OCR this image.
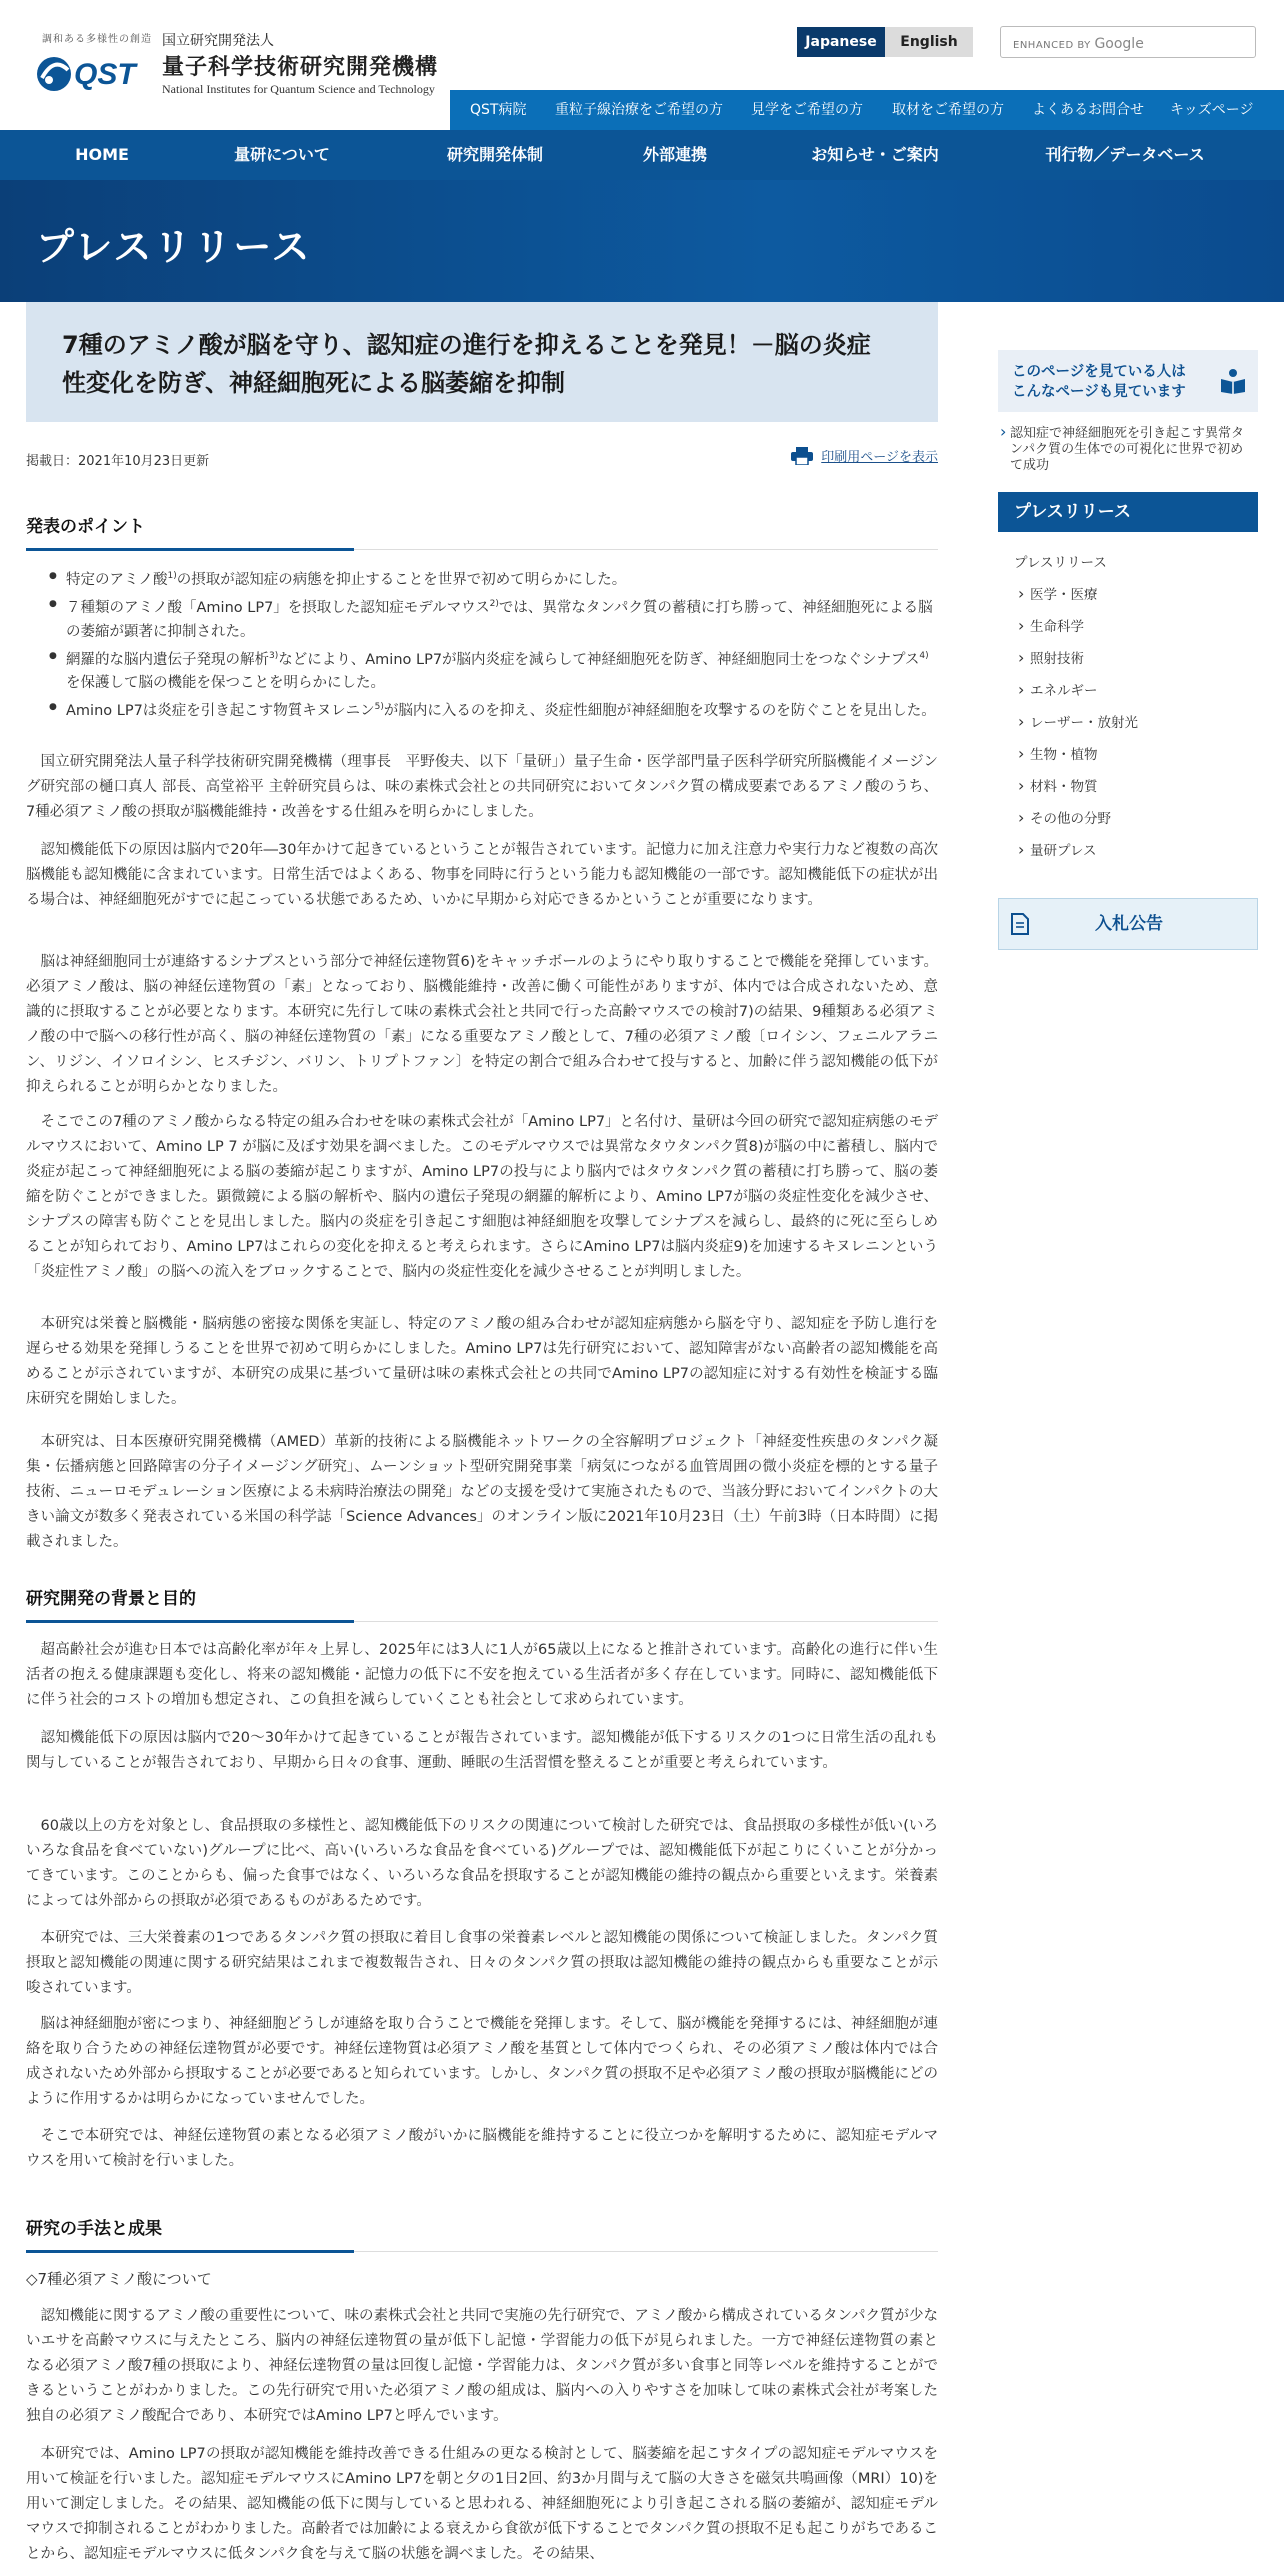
調和ある多様性の創造
QST
国立研究開発法人
量子科学技術研究開発機構
National Institutes for Quantum Science and Technology
Japanese	English	ENHANCED BY Google
QST病院 重粒子線治療をご希望の方 見学をご希望の方 取材をご希望の方 よくあるお問合せ キッズページ
HOME	量研について	研究開発体制	外部連携	お知らせ・ご案内	刊行物／データベース
プレスリリース
7種のアミノ酸が脳を守り、認知症の進行を抑えることを発見！－脳の炎症
性変化を防ぎ、神経細胞死による脳萎縮を抑制
掲載日：2021年10月23日更新	印刷用ページを表示
発表のポイント
● 特定のアミノ酸$^{1)}$の摂取が認知症の病態を抑止することを世界で初めて明らかにした。
● ７種類のアミノ酸「Amino LP7」を摂取した認知症モデルマウス$^{2)}$では、異常なタンパク質の蓄積に打ち勝って、神経細胞死による脳の萎縮が顕著に抑制された。
● 網羅的な脳内遺伝子発現の解析$^{3)}$などにより、Amino LP7が脳内炎症を減らして神経細胞死を防ぎ、神経細胞同士をつなぐシナプス$^{4)}$を保護して脳の機能を保つことを明らかにした。
● Amino LP7は炎症を引き起こす物質キヌレニン$^{5)}$が脳内に入るのを抑え、炎症性細胞が神経細胞を攻撃するのを防ぐことを見出した。

国立研究開発法人量子科学技術研究開発機構（理事長　平野俊夫、以下「量研」）量子生命・医学部門量子医科学研究所脳機能イメージング研究部の樋口真人 部長、高堂裕平 主幹研究員らは、味の素株式会社との共同研究においてタンパク質の構成要素であるアミノ酸のうち、7種必須アミノ酸の摂取が脳機能維持・改善をする仕組みを明らかにしました。

認知機能低下の原因は脳内で20年―30年かけて起きているということが報告されています。記憶力に加え注意力や実行力など複数の高次脳機能も認知機能に含まれています。日常生活ではよくある、物事を同時に行うという能力も認知機能の一部です。認知機能低下の症状が出る場合は、神経細胞死がすでに起こっている状態であるため、いかに早期から対応できるかということが重要になります。

脳は神経細胞同士が連絡するシナプスという部分で神経伝達物質6)をキャッチボールのようにやり取りすることで機能を発揮しています。必須アミノ酸は、脳の神経伝達物質の「素」となっており、脳機能維持・改善に働く可能性がありますが、体内では合成されないため、意識的に摂取することが必要となります。本研究に先行して味の素株式会社と共同で行った高齢マウスでの検討7)の結果、9種類ある必須アミノ酸の中で脳への移行性が高く、脳の神経伝達物質の「素」になる重要なアミノ酸として、7種の必須アミノ酸〔ロイシン、フェニルアラニン、リジン、イソロイシン、ヒスチジン、バリン、トリプトファン〕を特定の割合で組み合わせて投与すると、加齢に伴う認知機能の低下が抑えられることが明らかとなりました。

そこでこの7種のアミノ酸からなる特定の組み合わせを味の素株式会社が「Amino LP7」と名付け、量研は今回の研究で認知症病態のモデルマウスにおいて、Amino LP 7 が脳に及ぼす効果を調べました。このモデルマウスでは異常なタウタンパク質8)が脳の中に蓄積し、脳内で炎症が起こって神経細胞死による脳の萎縮が起こりますが、Amino LP7の投与により脳内ではタウタンパク質の蓄積に打ち勝って、脳の萎縮を防ぐことができました。顕微鏡による脳の解析や、脳内の遺伝子発現の網羅的解析により、Amino LP7が脳の炎症性変化を減少させ、シナプスの障害も防ぐことを見出しました。脳内の炎症を引き起こす細胞は神経細胞を攻撃してシナプスを減らし、最終的に死に至らしめることが知られており、Amino LP7はこれらの変化を抑えると考えられます。さらにAmino LP7は脳内炎症9)を加速するキヌレニンという「炎症性アミノ酸」の脳への流入をブロックすることで、脳内の炎症性変化を減少させることが判明しました。

本研究は栄養と脳機能・脳病態の密接な関係を実証し、特定のアミノ酸の組み合わせが認知症病態から脳を守り、認知症を予防し進行を遅らせる効果を発揮しうることを世界で初めて明らかにしました。Amino LP7は先行研究において、認知障害がない高齢者の認知機能を高めることが示されていますが、本研究の成果に基づいて量研は味の素株式会社との共同でAmino LP7の認知症に対する有効性を検証する臨床研究を開始しました。

本研究は、日本医療研究開発機構（AMED）革新的技術による脳機能ネットワークの全容解明プロジェクト「神経変性疾患のタンパク凝集・伝播病態と回路障害の分子イメージング研究」、ムーンショット型研究開発事業「病気につながる血管周囲の微小炎症を標的とする量子技術、ニューロモデュレーション医療による未病時治療法の開発」などの支援を受けて実施されたもので、当該分野においてインパクトの大きい論文が数多く発表されている米国の科学誌「Science Advances」のオンライン版に2021年10月23日（土）午前3時（日本時間）に掲載されました。

研究開発の背景と目的

超高齢社会が進む日本では高齢化率が年々上昇し、2025年には3人に1人が65歳以上になると推計されています。高齢化の進行に伴い生活者の抱える健康課題も変化し、将来の認知機能・記憶力の低下に不安を抱えている生活者が多く存在しています。同時に、認知機能低下に伴う社会的コストの増加も想定され、この負担を減らしていくことも社会として求められています。

認知機能低下の原因は脳内で20～30年かけて起きていることが報告されています。認知機能が低下するリスクの1つに日常生活の乱れも関与していることが報告されており、早期から日々の食事、運動、睡眠の生活習慣を整えることが重要と考えられています。

60歳以上の方を対象とし、食品摂取の多様性と、認知機能低下のリスクの関連について検討した研究では、食品摂取の多様性が低い(いろいろな食品を食べていない)グループに比べ、高い(いろいろな食品を食べている)グループでは、認知機能低下が起こりにくいことが分かってきています。このことからも、偏った食事ではなく、いろいろな食品を摂取することが認知機能の維持の観点から重要といえます。栄養素によっては外部からの摂取が必須であるものがあるためです。

本研究では、三大栄養素の1つであるタンパク質の摂取に着目し食事の栄養素レベルと認知機能の関係について検証しました。タンパク質摂取と認知機能の関連に関する研究結果はこれまで複数報告され、日々のタンパク質の摂取は認知機能の維持の観点からも重要なことが示唆されています。

脳は神経細胞が密につまり、神経細胞どうしが連絡を取り合うことで機能を発揮します。そして、脳が機能を発揮するには、神経細胞が連絡を取り合うための神経伝達物質が必要です。神経伝達物質は必須アミノ酸を基質として体内でつくられ、その必須アミノ酸は体内では合成されないため外部から摂取することが必要であると知られています。しかし、タンパク質の摂取不足や必須アミノ酸の摂取が脳機能にどのように作用するかは明らかになっていませんでした。

そこで本研究では、神経伝達物質の素となる必須アミノ酸がいかに脳機能を維持することに役立つかを解明するために、認知症モデルマウスを用いて検討を行いました。

研究の手法と成果
◇7種必須アミノ酸について

認知機能に関するアミノ酸の重要性について、味の素株式会社と共同で実施の先行研究で、アミノ酸から構成されているタンパク質が少ないエサを高齢マウスに与えたところ、脳内の神経伝達物質の量が低下し記憶・学習能力の低下が見られました。一方で神経伝達物質の素となる必須アミノ酸7種の摂取により、神経伝達物質の量は回復し記憶・学習能力は、タンパク質が多い食事と同等レベルを維持することができるということがわかりました。この先行研究で用いた必須アミノ酸の組成は、脳内への入りやすさを加味して味の素株式会社が考案した独自の必須アミノ酸配合であり、本研究ではAmino LP7と呼んでいます。

本研究では、Amino LP7の摂取が認知機能を維持改善できる仕組みの更なる検討として、脳萎縮を起こすタイプの認知症モデルマウスを用いて検証を行いました。認知症モデルマウスにAmino LP7を朝と夕の1日2回、約3か月間与えて脳の大きさを磁気共鳴画像（MRI）10)を用いて測定しました。その結果、認知機能の低下に関与していると思われる、神経細胞死により引き起こされる脳の萎縮が、認知症モデルマウスで抑制されることがわかりました。高齢者では加齢による衰えから食欲が低下することでタンパク質の摂取不足も起こりがちであることから、認知症モデルマウスに低タンパク食を与えて脳の状態を調べました。その結果、

このページを見ている人は
こんなページも見ています
› 認知症で神経細胞死を引き起こす異常タンパク質の生体での可視化に世界で初めて成功
プレスリリース
プレスリリース
› 医学・医療
› 生命科学
› 照射技術
› エネルギー
› レーザー・放射光
› 生物・植物
› 材料・物質
› その他の分野
› 量研プレス
入札公告
